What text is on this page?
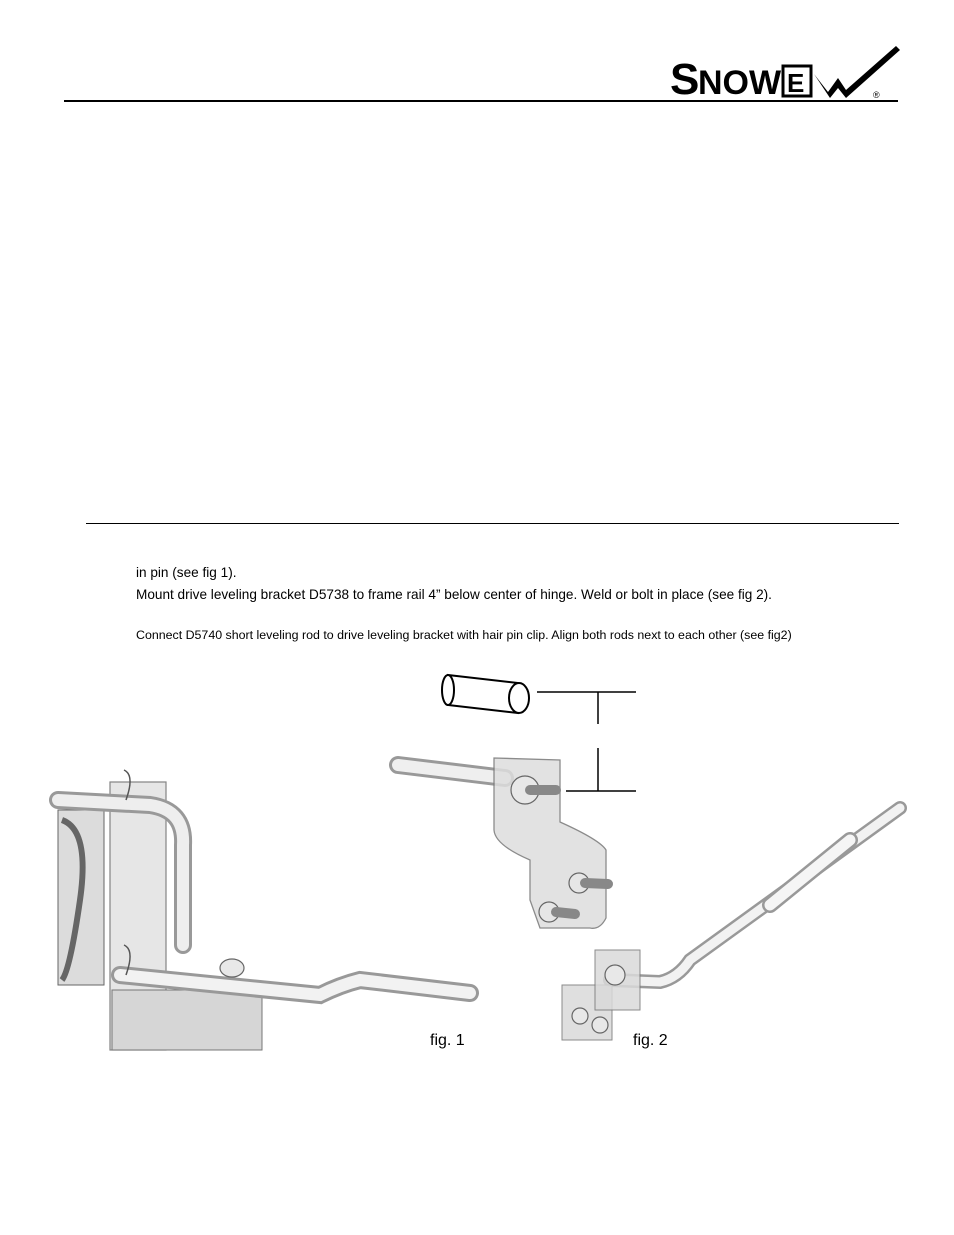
S
NOW E	®
in pin (see fig 1).
Mount drive leveling bracket D5738 to frame rail 4” below center of hinge. Weld or bolt in place (see fig 2).
Connect D5740 short leveling rod to drive leveling bracket with hair pin clip. Align both rods next to each other (see fig2)
fig. 1	fig. 2
